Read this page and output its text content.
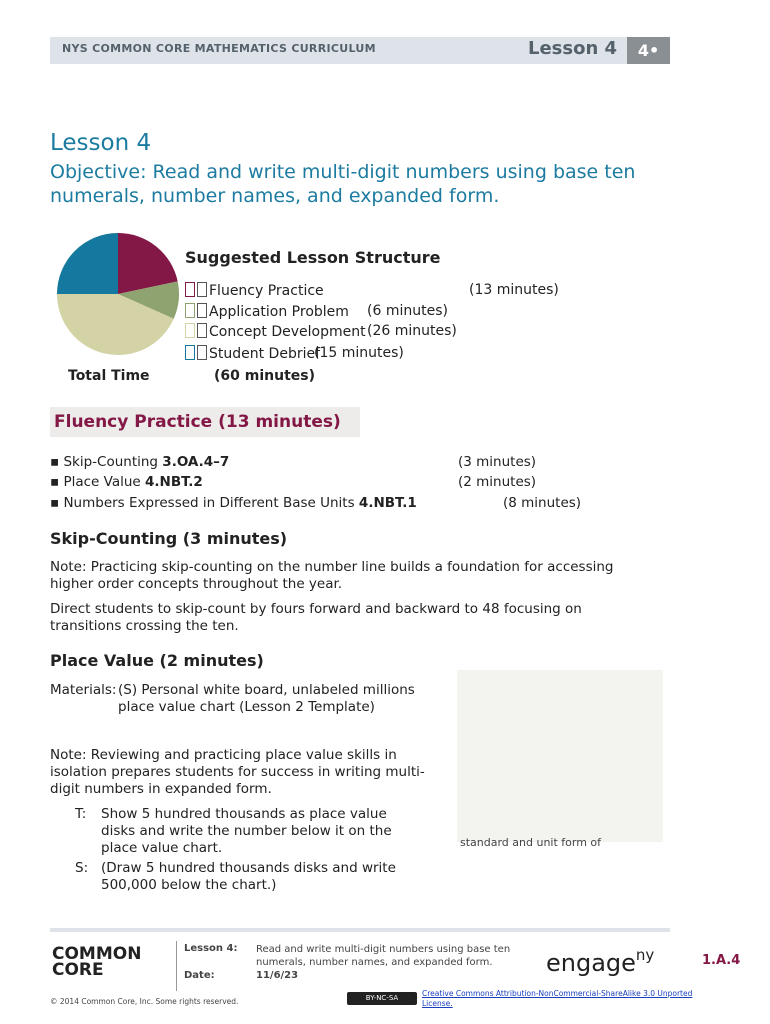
NYS COMMON CORE MATHEMATICS CURRICULUM	Lesson 4	4•
Lesson 4
Objective: Read and write multi-digit numbers using base ten numerals, number names, and expanded form.
Suggested Lesson Structure
Fluency Practice	(13 minutes)
Application Problem (6 minutes)
Concept Development (26 minutes)
Student Debrief
(15 minutes)
Total Time	(60 minutes)
Fluency Practice (13 minutes)
▪ Skip-Counting 3.OA.4–7	(3 minutes)
▪ Place Value 4.NBT.2	(2 minutes)
▪ Numbers Expressed in Different Base Units 4.NBT.1	(8 minutes)
Skip-Counting (3 minutes)
Note: Practicing skip-counting on the number line builds a foundation for accessing higher order concepts throughout the year.
Direct students to skip-count by fours forward and backward to 48 focusing on transitions crossing the ten.
Place Value (2 minutes)
standard and unit form of
Materials: (S) Personal white board, unlabeled millions place value chart (Lesson 2 Template)
Note: Reviewing and practicing place value skills in isolation prepares students for success in writing multi-digit numbers in expanded form.
T: Show 5 hundred thousands as place value disks and write the number below it on the place value chart.
S: (Draw 5 hundred thousands disks and write 500,000 below the chart.)
COMMON
CORE
Lesson 4: Read and write multi-digit numbers using base ten numerals, number names, and expanded form.
Date:	11/6/23	engage$^{ny}$	1.A.4
© 2014 Common Core, Inc. Some rights reserved.	BY-NC-SA	Creative Commons Attribution-NonCommercial-ShareAlike 3.0 Unported License.
